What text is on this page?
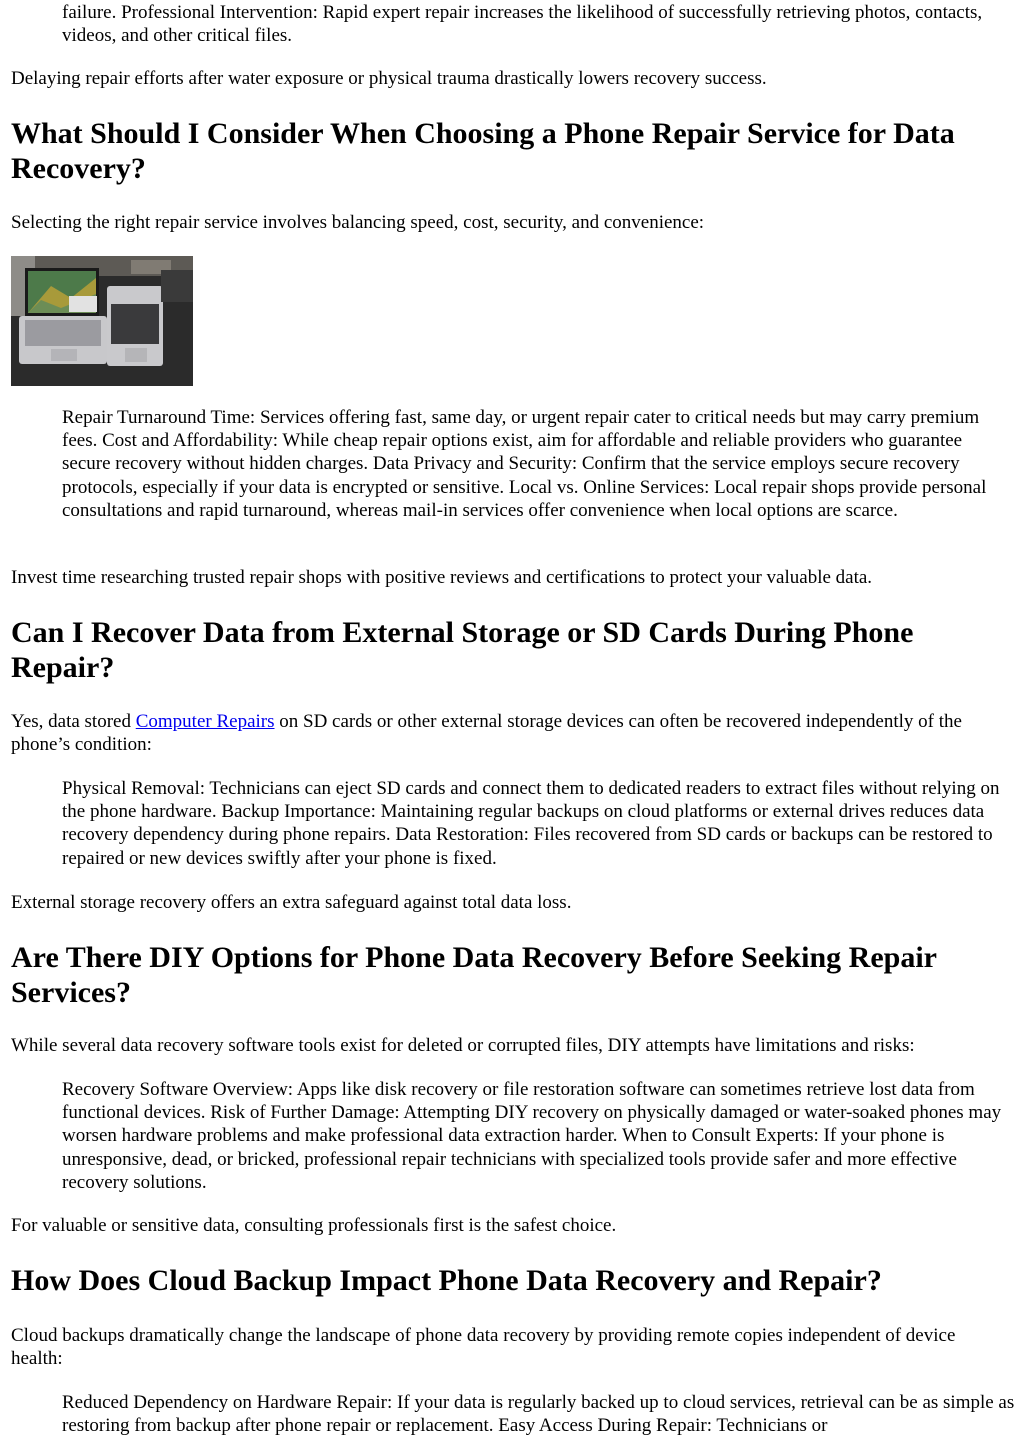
failure. Professional Intervention: Rapid expert repair increases the likelihood of successfully retrieving photos, contacts, videos, and other critical files.

Delaying repair efforts after water exposure or physical trauma drastically lowers recovery success.

What Should I Consider When Choosing a Phone Repair Service for Data Recovery?

Selecting the right repair service involves balancing speed, cost, security, and convenience:

Repair Turnaround Time: Services offering fast, same day, or urgent repair cater to critical needs but may carry premium fees. Cost and Affordability: While cheap repair options exist, aim for affordable and reliable providers who guarantee secure recovery without hidden charges. Data Privacy and Security: Confirm that the service employs secure recovery protocols, especially if your data is encrypted or sensitive. Local vs. Online Services: Local repair shops provide personal consultations and rapid turnaround, whereas mail-in services offer convenience when local options are scarce.

Invest time researching trusted repair shops with positive reviews and certifications to protect your valuable data.

Can I Recover Data from External Storage or SD Cards During Phone Repair?

Yes, data stored Computer Repairs on SD cards or other external storage devices can often be recovered independently of the phone’s condition:

Physical Removal: Technicians can eject SD cards and connect them to dedicated readers to extract files without relying on the phone hardware. Backup Importance: Maintaining regular backups on cloud platforms or external drives reduces data recovery dependency during phone repairs. Data Restoration: Files recovered from SD cards or backups can be restored to repaired or new devices swiftly after your phone is fixed.

External storage recovery offers an extra safeguard against total data loss.

Are There DIY Options for Phone Data Recovery Before Seeking Repair Services?

While several data recovery software tools exist for deleted or corrupted files, DIY attempts have limitations and risks:

Recovery Software Overview: Apps like disk recovery or file restoration software can sometimes retrieve lost data from functional devices. Risk of Further Damage: Attempting DIY recovery on physically damaged or water-soaked phones may worsen hardware problems and make professional data extraction harder. When to Consult Experts: If your phone is unresponsive, dead, or bricked, professional repair technicians with specialized tools provide safer and more effective recovery solutions.

For valuable or sensitive data, consulting professionals first is the safest choice.

How Does Cloud Backup Impact Phone Data Recovery and Repair?

Cloud backups dramatically change the landscape of phone data recovery by providing remote copies independent of device health:

Reduced Dependency on Hardware Repair: If your data is regularly backed up to cloud services, retrieval can be as simple as restoring from backup after phone repair or replacement. Easy Access During Repair: Technicians or
